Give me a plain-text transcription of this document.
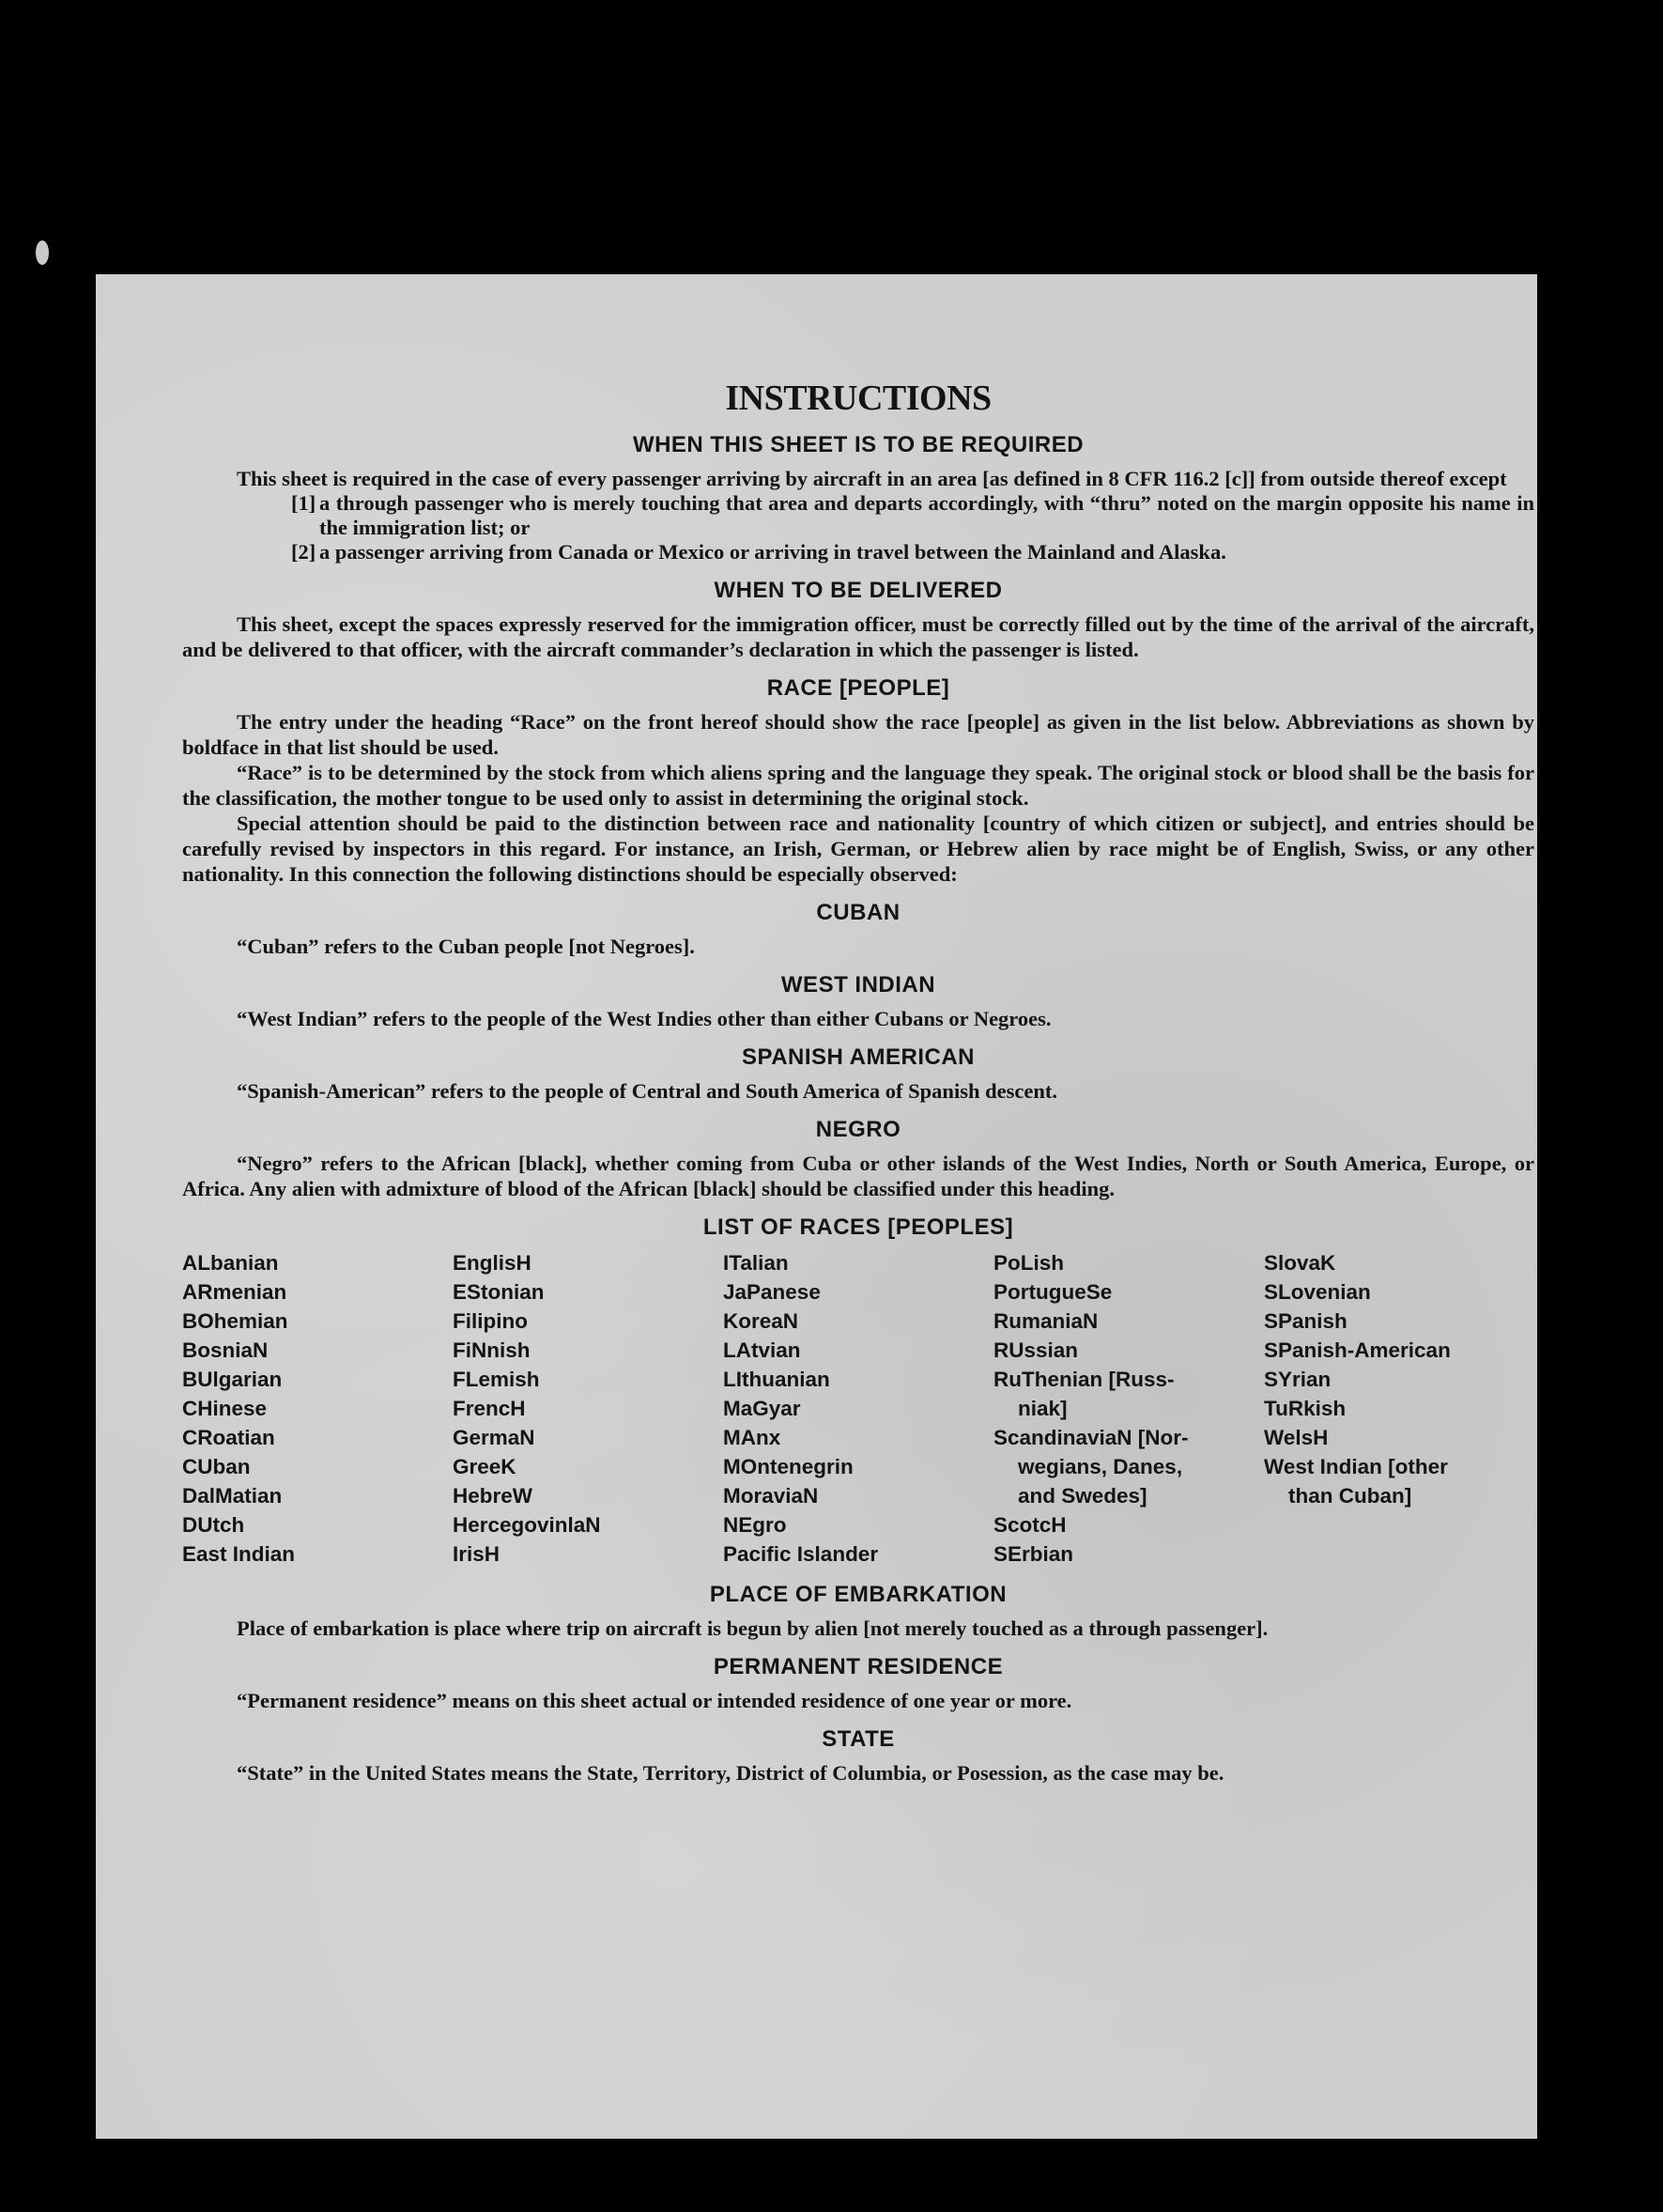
INSTRUCTIONS
WHEN THIS SHEET IS TO BE REQUIRED

This sheet is required in the case of every passenger arriving by aircraft in an area [as defined in 8 CFR 116.2 [c]] from outside thereof except

[1] a through passenger who is merely touching that area and departs accordingly, with “thru” noted on the margin opposite his name in the immigration list; or
[2] a passenger arriving from Canada or Mexico or arriving in travel between the Mainland and Alaska.
WHEN TO BE DELIVERED

This sheet, except the spaces expressly reserved for the immigration officer, must be correctly filled out by the time of the arrival of the aircraft, and be delivered to that officer, with the aircraft commander’s declaration in which the passenger is listed.

RACE [PEOPLE]

The entry under the heading “Race” on the front hereof should show the race [people] as given in the list below. Abbreviations as shown by boldface in that list should be used.

“Race” is to be determined by the stock from which aliens spring and the language they speak. The original stock or blood shall be the basis for the classification, the mother tongue to be used only to assist in determining the original stock.

Special attention should be paid to the distinction between race and nationality [country of which citizen or subject], and entries should be carefully revised by inspectors in this regard. For instance, an Irish, German, or Hebrew alien by race might be of English, Swiss, or any other nationality. In this connection the following distinctions should be especially observed:

CUBAN

“Cuban” refers to the Cuban people [not Negroes].

WEST INDIAN

“West Indian” refers to the people of the West Indies other than either Cubans or Negroes.

SPANISH AMERICAN

“Spanish-American” refers to the people of Central and South America of Spanish descent.

NEGRO

“Negro” refers to the African [black], whether coming from Cuba or other islands of the West Indies, North or South America, Europe, or Africa. Any alien with admixture of blood of the African [black] should be classified under this heading.

LIST OF RACES [PEOPLES]
ALbanian
ARmenian
BOhemian
BosniaN
BUlgarian
CHinese
CRoatian
CUban
DalMatian
DUtch
East Indian
EnglisH
EStonian
Filipino
FiNnish
FLemish
FrencH
GermaN
GreeK
HebreW
HercegovinlaN
IrisH
ITalian
JaPanese
KoreaN
LAtvian
LIthuanian
MaGyar
MAnx
MOntenegrin
MoraviaN
NEgro
Pacific Islander
PoLish
PortugueSe
RumaniaN
RUssian
RuThenian [Russ-
niak]
ScandinaviaN [Nor-
wegians, Danes,
and Swedes]
ScotcH
SErbian
SlovaK
SLovenian
SPanish
SPanish-American
SYrian
TuRkish
WelsH
West Indian [other
than Cuban]
PLACE OF EMBARKATION

Place of embarkation is place where trip on aircraft is begun by alien [not merely touched as a through passenger].

PERMANENT RESIDENCE

“Permanent residence” means on this sheet actual or intended residence of one year or more.

STATE

“State” in the United States means the State, Territory, District of Columbia, or Posession, as the case may be.
